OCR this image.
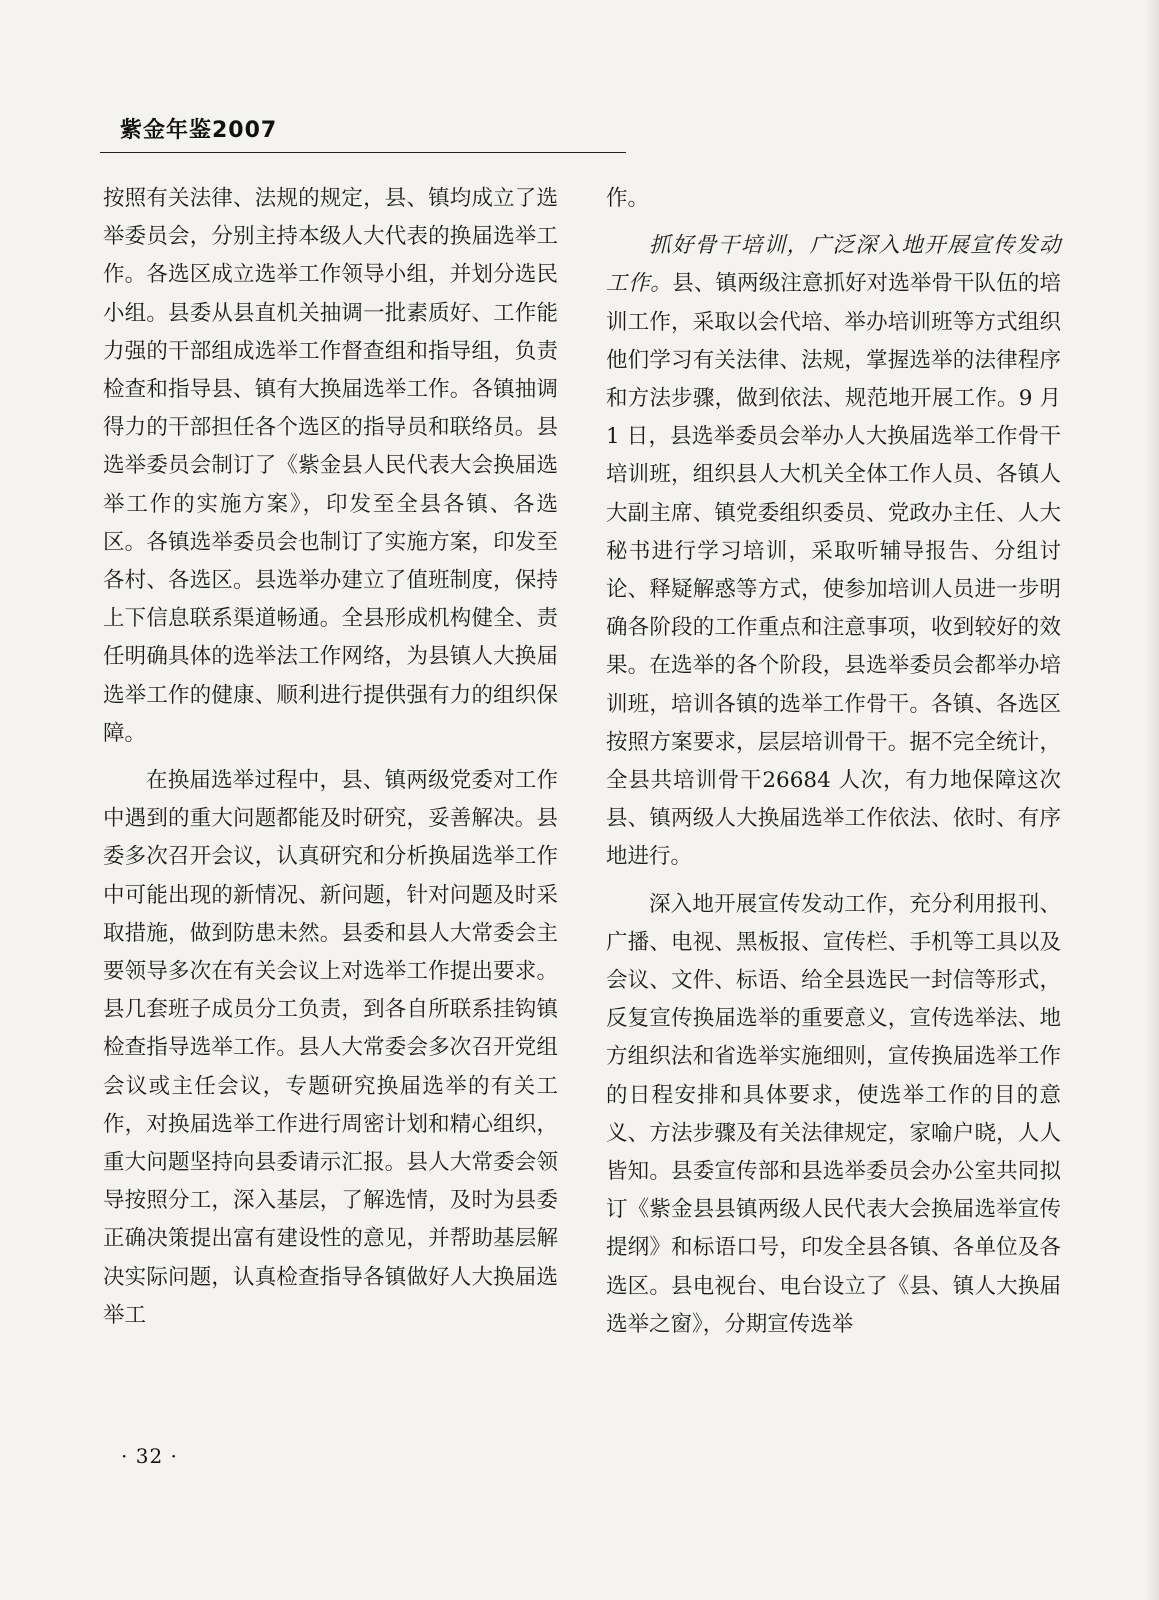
紫金年鉴2007

按照有关法律、法规的规定，县、镇均成立了选举委员会，分别主持本级人大代表的换届选举工作。各选区成立选举工作领导小组，并划分选民小组。县委从县直机关抽调一批素质好、工作能力强的干部组成选举工作督查组和指导组，负责检查和指导县、镇有大换届选举工作。各镇抽调得力的干部担任各个选区的指导员和联络员。县选举委员会制订了《紫金县人民代表大会换届选举工作的实施方案》，印发至全县各镇、各选区。各镇选举委员会也制订了实施方案，印发至各村、各选区。县选举办建立了值班制度，保持上下信息联系渠道畅通。全县形成机构健全、责任明确具体的选举法工作网络，为县镇人大换届选举工作的健康、顺利进行提供强有力的组织保障。

在换届选举过程中，县、镇两级党委对工作中遇到的重大问题都能及时研究，妥善解决。县委多次召开会议，认真研究和分析换届选举工作中可能出现的新情况、新问题，针对问题及时采取措施，做到防患未然。县委和县人大常委会主要领导多次在有关会议上对选举工作提出要求。县几套班子成员分工负责，到各自所联系挂钩镇检查指导选举工作。县人大常委会多次召开党组会议或主任会议，专题研究换届选举的有关工作，对换届选举工作进行周密计划和精心组织，重大问题坚持向县委请示汇报。县人大常委会领导按照分工，深入基层，了解选情，及时为县委正确决策提出富有建设性的意见，并帮助基层解决实际问题，认真检查指导各镇做好人大换届选举工

作。

抓好骨干培训，广泛深入地开展宣传发动工作。县、镇两级注意抓好对选举骨干队伍的培训工作，采取以会代培、举办培训班等方式组织他们学习有关法律、法规，掌握选举的法律程序和方法步骤，做到依法、规范地开展工作。9 月 1 日，县选举委员会举办人大换届选举工作骨干培训班，组织县人大机关全体工作人员、各镇人大副主席、镇党委组织委员、党政办主任、人大秘书进行学习培训，采取听辅导报告、分组讨论、释疑解惑等方式，使参加培训人员进一步明确各阶段的工作重点和注意事项，收到较好的效果。在选举的各个阶段，县选举委员会都举办培训班，培训各镇的选举工作骨干。各镇、各选区按照方案要求，层层培训骨干。据不完全统计，全县共培训骨干26684 人次，有力地保障这次县、镇两级人大换届选举工作依法、依时、有序地进行。

深入地开展宣传发动工作，充分利用报刊、广播、电视、黑板报、宣传栏、手机等工具以及会议、文件、标语、给全县选民一封信等形式，反复宣传换届选举的重要意义，宣传选举法、地方组织法和省选举实施细则，宣传换届选举工作的日程安排和具体要求，使选举工作的目的意义、方法步骤及有关法律规定，家喻户晓，人人皆知。县委宣传部和县选举委员会办公室共同拟订《紫金县县镇两级人民代表大会换届选举宣传提纲》和标语口号，印发全县各镇、各单位及各选区。县电视台、电台设立了《县、镇人大换届选举之窗》，分期宣传选举

· 32 ·
